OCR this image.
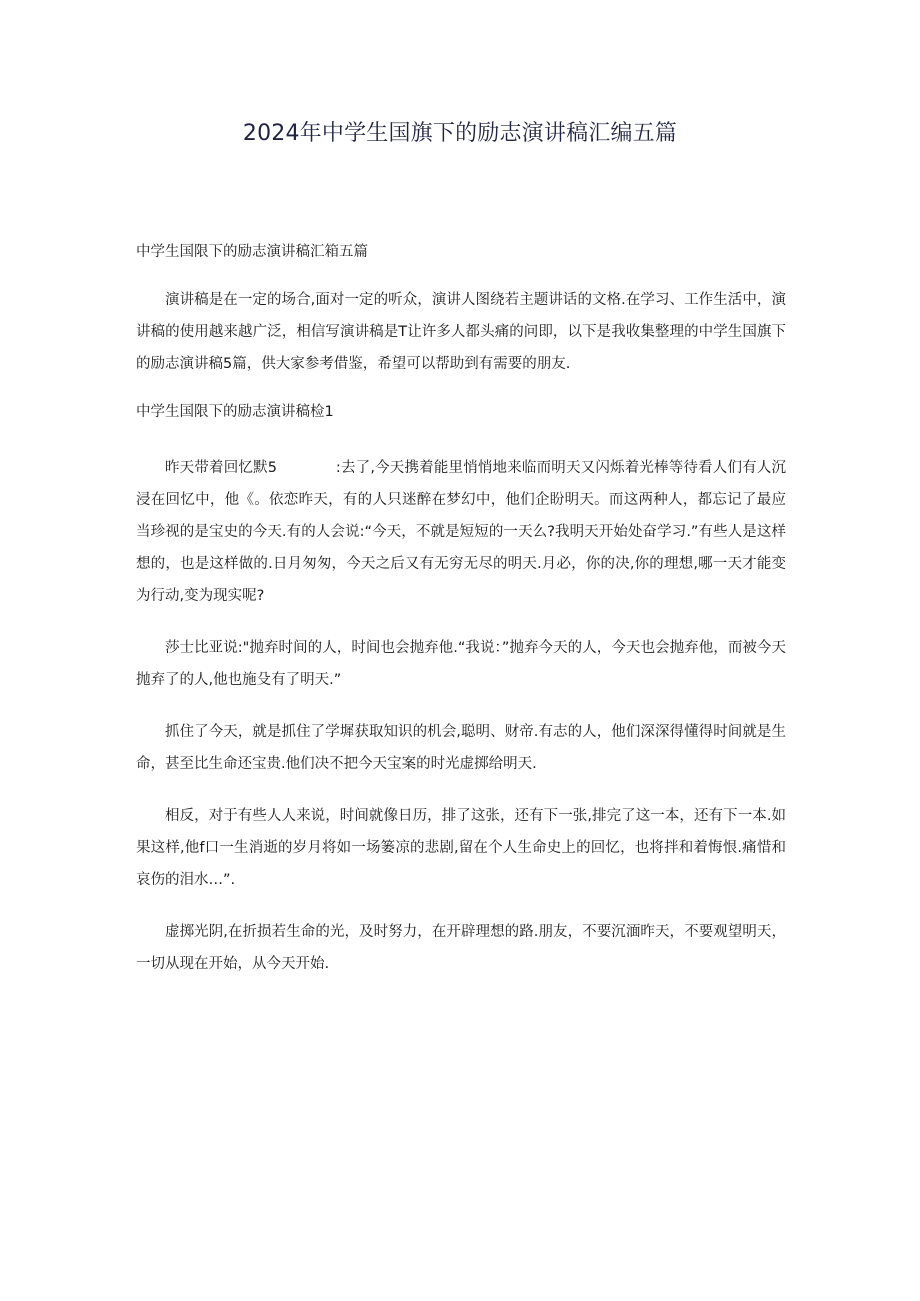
2024年中学生国旗下的励志演讲稿汇编五篇

中学生国限下的励志演讲稿汇箱五篇

演讲稿是在一定的场合,面对一定的听众，演讲人图绕若主题讲话的文格.在学习、工作生活中，演讲稿的使用越来越广泛，相信写演讲稿是T让许多人都头痛的问即，以下是我收集整理的中学生国旗下的励志演讲稿5篇，供大家参考借鉴，希望可以帮助到有需要的朋友.

中学生国限下的励志演讲稿检1

昨天带着回忆默5　　　　:去了,今天携着能里悄悄地来临而明天又闪烁着光棒等待看人们有人沉浸在回忆中，他《。依恋昨天，有的人只迷醉在梦幻中，他们企盼明天。而这两种人，都忘记了最应当珍视的是宝史的今天.有的人会说:“今天，不就是短短的一天么?我明天开始处奋学习.”有些人是这样想的，也是这样做的.日月匆匆，今天之后又有无穷无尽的明天.月必，你的决,你的理想,哪一天才能变为行动,变为现实呢?

莎士比亚说:"抛弃时间的人，时间也会抛弃他.“我说：”抛弃今天的人，今天也会抛弃他，而被今天抛弃了的人,他也施殳有了明天.”

抓住了今天，就是抓住了学墀获取知识的机会,聪明、财帝.有志的人，他们深深得懂得时间就是生命，甚至比生命还宝贵.他们决不把今天宝案的时光虚掷给明天.

相反，对于有些人人来说，时间就像日历，排了这张，还有下一张,排完了这一本，还有下一本.如果这样,他f口一生消逝的岁月将如一场篓凉的悲剧,留在个人生命史上的回忆，也将拌和着悔恨.痛惜和哀伤的泪水…”.

虚掷光阴,在折损若生命的光，及时努力，在开辟理想的路.朋友，不要沉湎昨天，不要观望明天，一切从现在开始，从今天开始.
